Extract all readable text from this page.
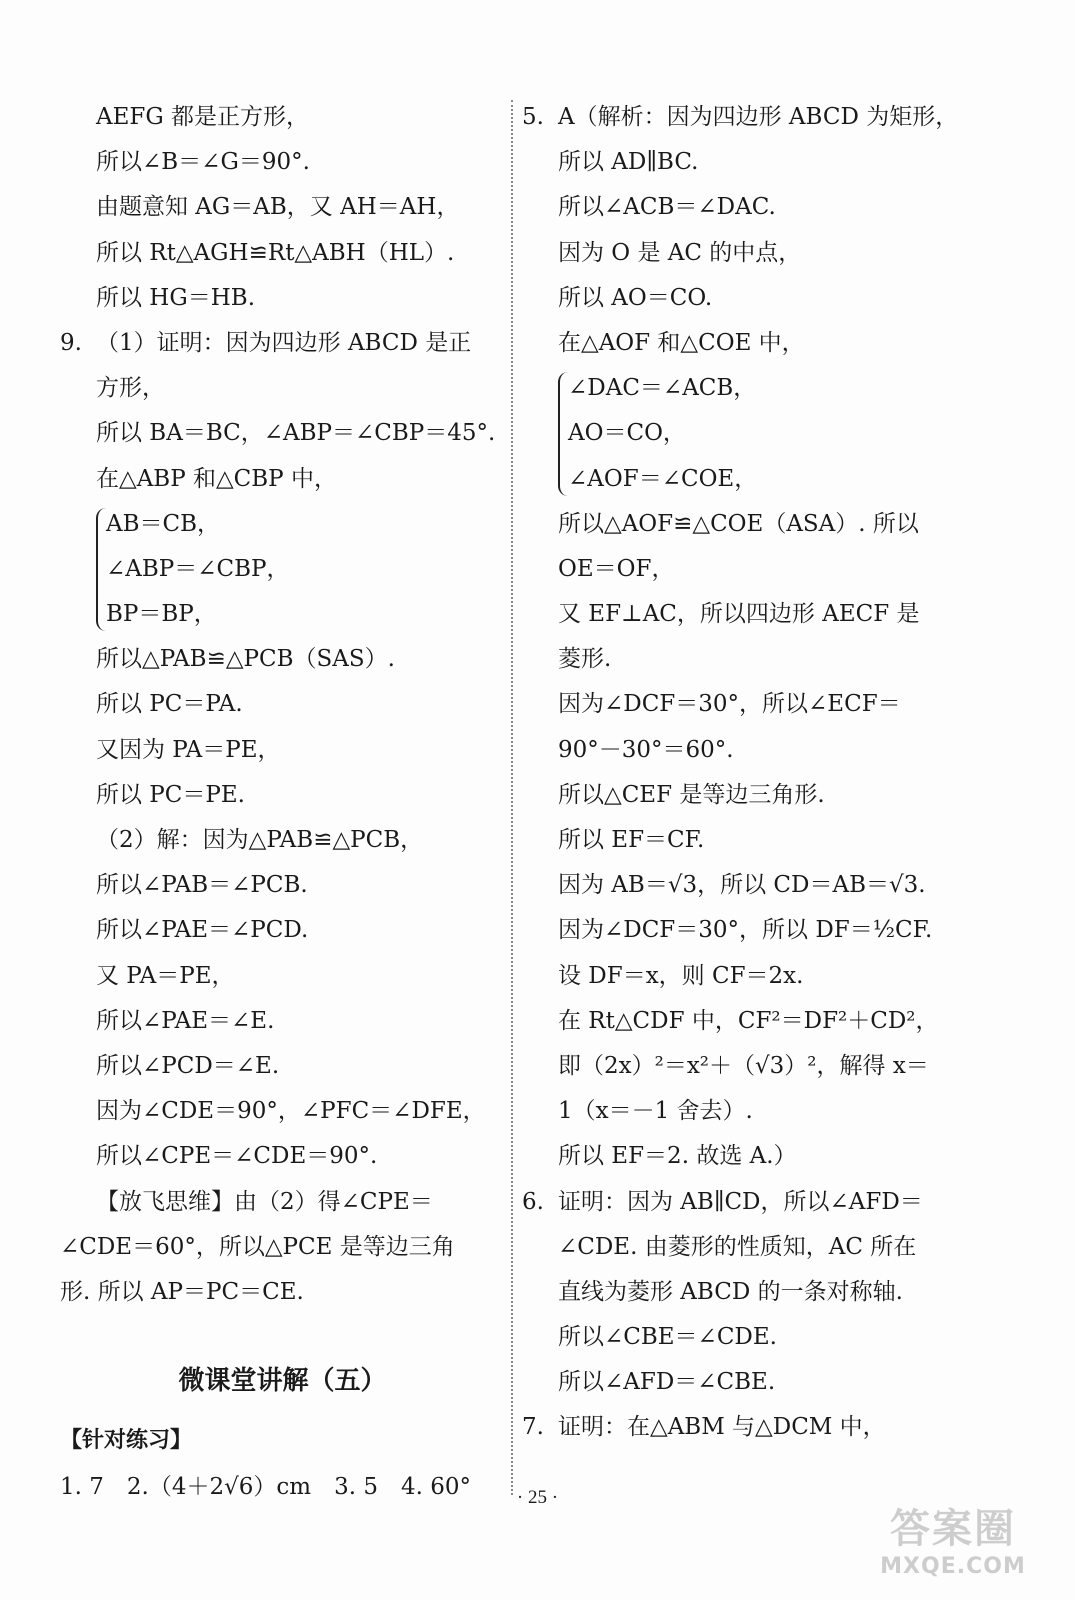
AEFG 都是正方形，
所以∠B＝∠G＝90°.
由题意知 AG＝AB，又 AH＝AH，
所以 Rt△AGH≌Rt△ABH（HL）.
所以 HG＝HB.
9. （1）证明：因为四边形 ABCD 是正
方形，
所以 BA＝BC，∠ABP＝∠CBP＝45°.
在△ABP 和△CBP 中，
AB＝CB，
∠ABP＝∠CBP，
BP＝BP，
所以△PAB≌△PCB（SAS）.
所以 PC＝PA.
又因为 PA＝PE，
所以 PC＝PE.
（2）解：因为△PAB≌△PCB，
所以∠PAB＝∠PCB.
所以∠PAE＝∠PCD.
又 PA＝PE，
所以∠PAE＝∠E.
所以∠PCD＝∠E.
因为∠CDE＝90°，∠PFC＝∠DFE，
所以∠CPE＝∠CDE＝90°.
【放飞思维】由（2）得∠CPE＝
∠CDE＝60°，所以△PCE 是等边三角
形. 所以 AP＝PC＝CE.
微课堂讲解（五）
【针对练习】
1. 7　2.（4＋2√6）cm　3. 5　4. 60°
5. A（解析：因为四边形 ABCD 为矩形，
所以 AD∥BC.
所以∠ACB＝∠DAC.
因为 O 是 AC 的中点，
所以 AO＝CO.
在△AOF 和△COE 中，
∠DAC＝∠ACB，
AO＝CO，
∠AOF＝∠COE，
所以△AOF≌△COE（ASA）. 所以
OE＝OF，
又 EF⊥AC，所以四边形 AECF 是
菱形.
因为∠DCF＝30°，所以∠ECF＝
90°－30°＝60°.
所以△CEF 是等边三角形.
所以 EF＝CF.
因为 AB＝√3，所以 CD＝AB＝√3.
因为∠DCF＝30°，所以 DF＝½CF.
设 DF＝x，则 CF＝2x.
在 Rt△CDF 中，CF²＝DF²＋CD²，
即（2x）²＝x²＋（√3）²，解得 x＝
1（x＝－1 舍去）.
所以 EF＝2. 故选 A.）
6. 证明：因为 AB∥CD，所以∠AFD＝
∠CDE. 由菱形的性质知，AC 所在
直线为菱形 ABCD 的一条对称轴.
所以∠CBE＝∠CDE.
所以∠AFD＝∠CBE.
7. 证明：在△ABM 与△DCM 中，
· 25 ·
答案圈
MXQE.COM
